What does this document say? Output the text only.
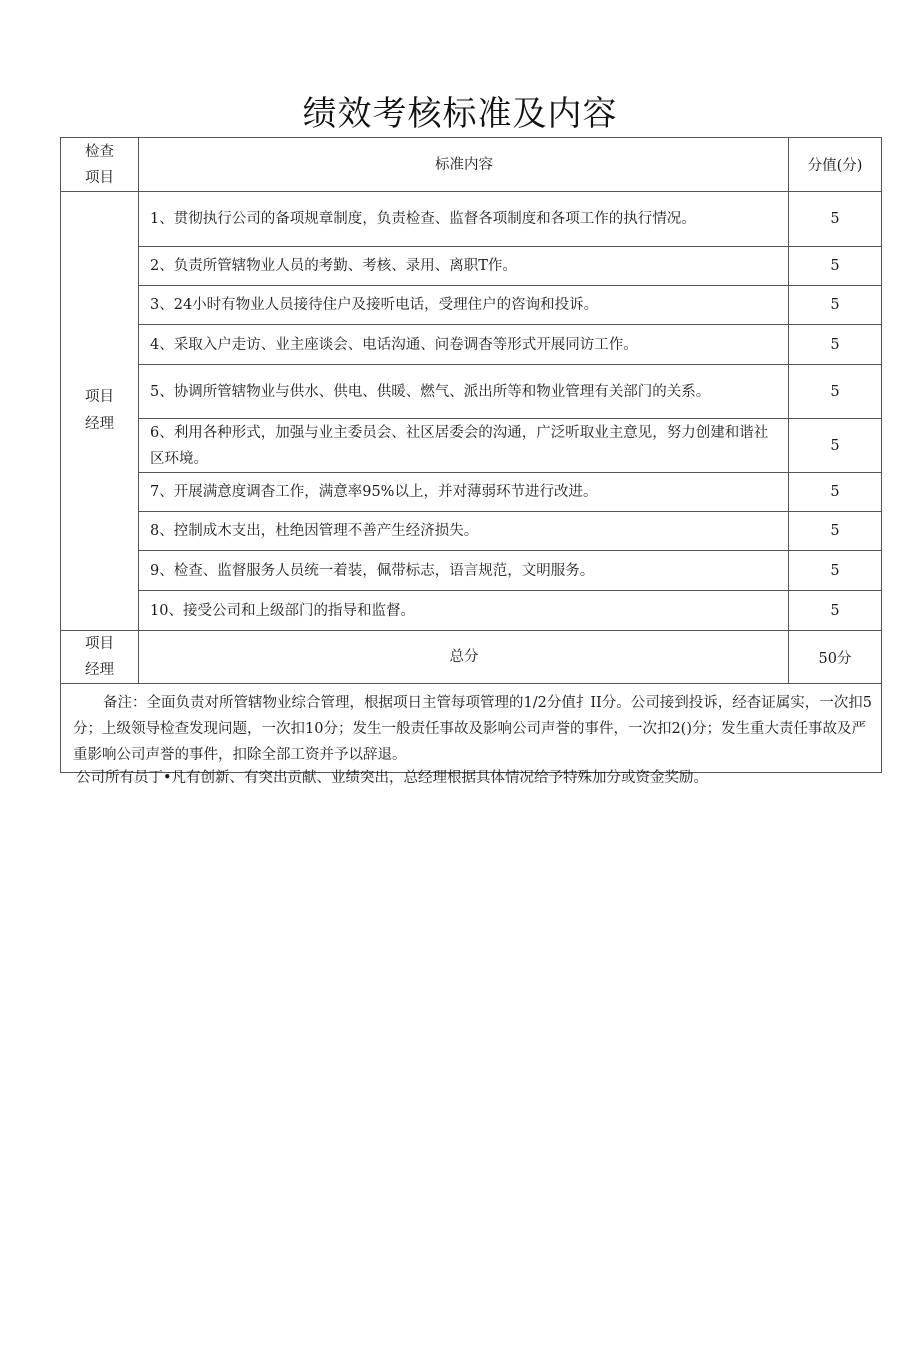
绩效考核标准及内容
检查项目	标准内容	分值(分)

项目经理	1、贯彻执行公司的备项规章制度，负责检查、监督各项制度和各项工作的执行情况。	5
	2、负责所管辖物业人员的考勤、考核、录用、离职T作。	5
	3、24小时有物业人员接待住户及接听电话，受理住户的咨询和投诉。	5
	4、采取入户走访、业主座谈会、电话沟通、问卷调杳等形式开展同访工作。	5
	5、协调所管辖物业与供水、供电、供暖、燃气、派出所等和物业管理有关部门的关系。	5
	6、利用各种形式，加强与业主委员会、社区居委会的沟通，广泛听取业主意见，努力创建和谐社区环境。	5
	7、开展满意度调杳工作，满意率95%以上，并对薄弱环节进行改进。	5
	8、控制成木支出，杜绝因管理不善产生经济损失。	5
	9、检查、监督服务人员统一着装，佩带标志，语言规范，文明服务。	5
	10、接受公司和上级部门的指导和监督。	5

项目经理	总分	50分
备注：全面负责对所管辖物业综合管理，根据项日主管每项管理的1/2分值扌II分。公司接到投诉，经杳证属实，一次扣5分；上级领导检查发现问题，一次扣10分；发生一般责任事故及影响公司声誉的事件，一次扣2()分；发生重大责任事故及严重影响公司声誉的事件，扣除全部工资并予以辞退。		
公司所有员丁•凡有创新、有突出贡献、业绩突出，总经理根据具体情况给予特殊加分或资金奖励。
